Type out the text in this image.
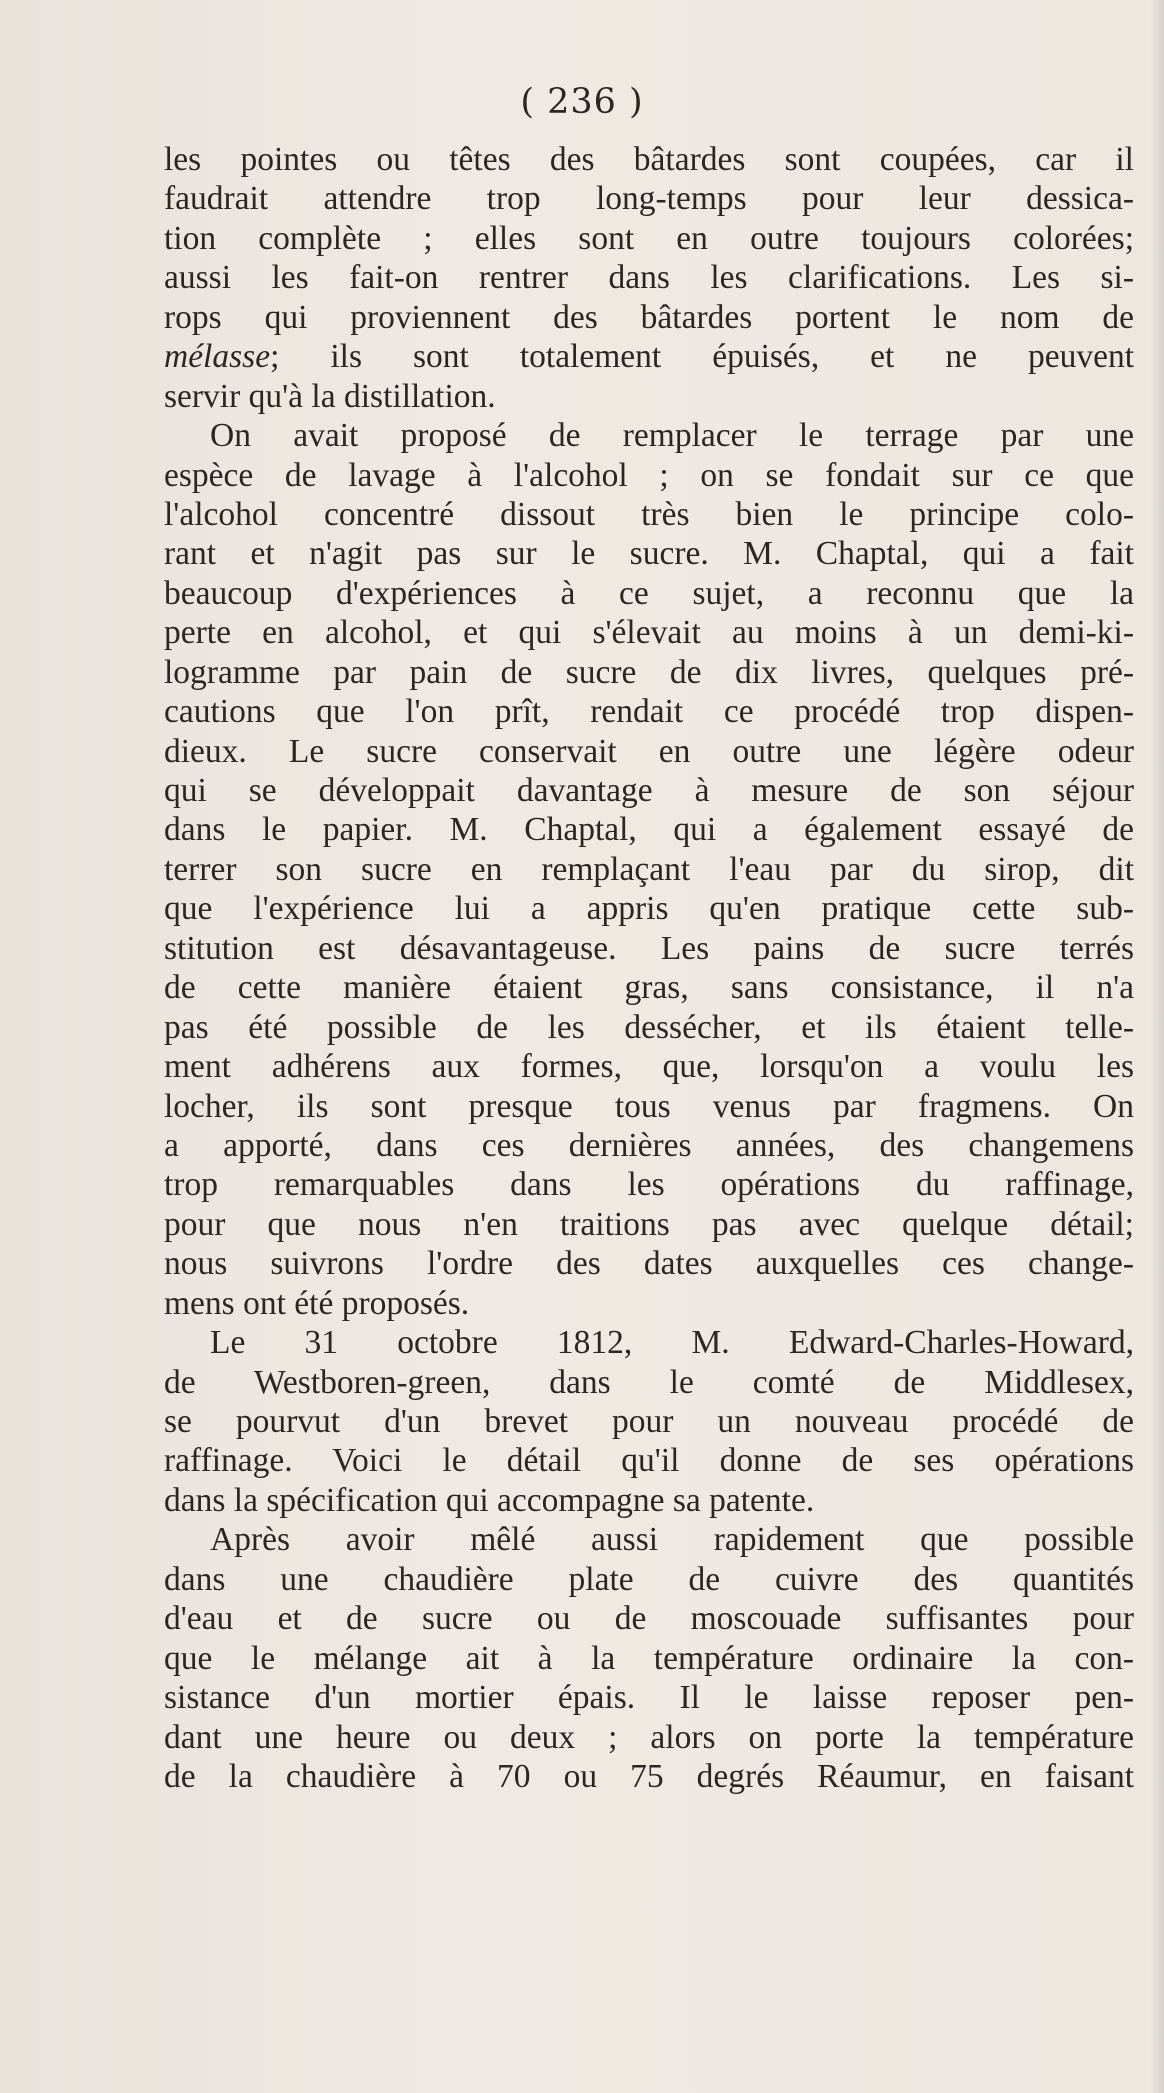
( 236 )
les pointes ou têtes des bâtardes sont coupées, car il
faudrait attendre trop long-temps pour leur dessica-
tion complète ; elles sont en outre toujours colorées;
aussi les fait-on rentrer dans les clarifications. Les si-
rops qui proviennent des bâtardes portent le nom de
mélasse; ils sont totalement épuisés, et ne peuvent
servir qu'à la distillation.
On avait proposé de remplacer le terrage par une
espèce de lavage à l'alcohol ; on se fondait sur ce que
l'alcohol concentré dissout très bien le principe colo-
rant et n'agit pas sur le sucre. M. Chaptal, qui a fait
beaucoup d'expériences à ce sujet, a reconnu que la
perte en alcohol, et qui s'élevait au moins à un demi-ki-
logramme par pain de sucre de dix livres, quelques pré-
cautions que l'on prît, rendait ce procédé trop dispen-
dieux. Le sucre conservait en outre une légère odeur
qui se développait davantage à mesure de son séjour
dans le papier. M. Chaptal, qui a également essayé de
terrer son sucre en remplaçant l'eau par du sirop, dit
que l'expérience lui a appris qu'en pratique cette sub-
stitution est désavantageuse. Les pains de sucre terrés
de cette manière étaient gras, sans consistance, il n'a
pas été possible de les dessécher, et ils étaient telle-
ment adhérens aux formes, que, lorsqu'on a voulu les
locher, ils sont presque tous venus par fragmens. On
a apporté, dans ces dernières années, des changemens
trop remarquables dans les opérations du raffinage,
pour que nous n'en traitions pas avec quelque détail;
nous suivrons l'ordre des dates auxquelles ces change-
mens ont été proposés.
Le 31 octobre 1812, M. Edward-Charles-Howard,
de Westboren-green, dans le comté de Middlesex,
se pourvut d'un brevet pour un nouveau procédé de
raffinage. Voici le détail qu'il donne de ses opérations
dans la spécification qui accompagne sa patente.
Après avoir mêlé aussi rapidement que possible
dans une chaudière plate de cuivre des quantités
d'eau et de sucre ou de moscouade suffisantes pour
que le mélange ait à la température ordinaire la con-
sistance d'un mortier épais. Il le laisse reposer pen-
dant une heure ou deux ; alors on porte la température
de la chaudière à 70 ou 75 degrés Réaumur, en faisant
